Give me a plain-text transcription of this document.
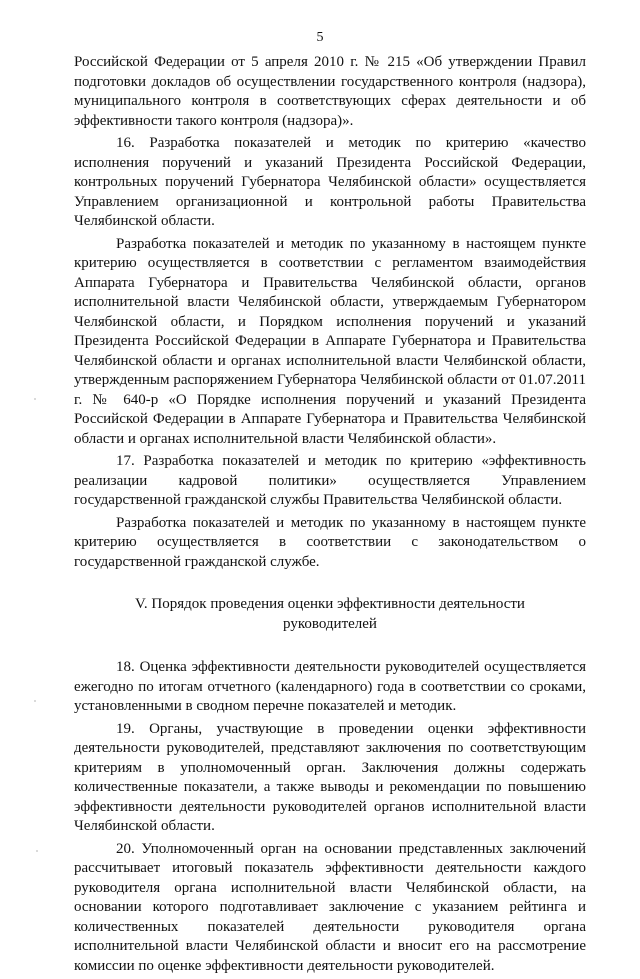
5

Российской Федерации от 5 апреля 2010 г. № 215 «Об утверждении Правил подготовки докладов об осуществлении государственного контроля (надзора), муниципального контроля в соответствующих сферах деятельности и об эффективности такого контроля (надзора)».

16. Разработка показателей и методик по критерию «качество исполнения поручений и указаний Президента Российской Федерации, контрольных поручений Губернатора Челябинской области» осуществляется Управлением организационной и контрольной работы Правительства Челябинской области.

Разработка показателей и методик по указанному в настоящем пункте критерию осуществляется в соответствии с регламентом взаимодействия Аппарата Губернатора и Правительства Челябинской области, органов исполнительной власти Челябинской области, утверждаемым Губернатором Челябинской области, и Порядком исполнения поручений и указаний Президента Российской Федерации в Аппарате Губернатора и Правительства Челябинской области и органах исполнительной власти Челябинской области, утвержденным распоряжением Губернатора Челябинской области от 01.07.2011 г. № 640-р «О Порядке исполнения поручений и указаний Президента Российской Федерации в Аппарате Губернатора и Правительства Челябинской области и органах исполнительной власти Челябинской области».

17. Разработка показателей и методик по критерию «эффективность реализации кадровой политики» осуществляется Управлением государственной гражданской службы Правительства Челябинской области.

Разработка показателей и методик по указанному в настоящем пункте критерию осуществляется в соответствии с законодательством о государственной гражданской службе.

V. Порядок проведения оценки эффективности деятельности
руководителей

18. Оценка эффективности деятельности руководителей осуществляется ежегодно по итогам отчетного (календарного) года в соответствии со сроками, установленными в сводном перечне показателей и методик.

19. Органы, участвующие в проведении оценки эффективности деятельности руководителей, представляют заключения по соответствующим критериям в уполномоченный орган. Заключения должны содержать количественные показатели, а также выводы и рекомендации по повышению эффективности деятельности руководителей органов исполнительной власти Челябинской области.

20. Уполномоченный орган на основании представленных заключений рассчитывает итоговый показатель эффективности деятельности каждого руководителя органа исполнительной власти Челябинской области, на основании которого подготавливает заключение с указанием рейтинга и количественных показателей деятельности руководителя органа исполнительной власти Челябинской области и вносит его на рассмотрение комиссии по оценке эффективности деятельности руководителей.
